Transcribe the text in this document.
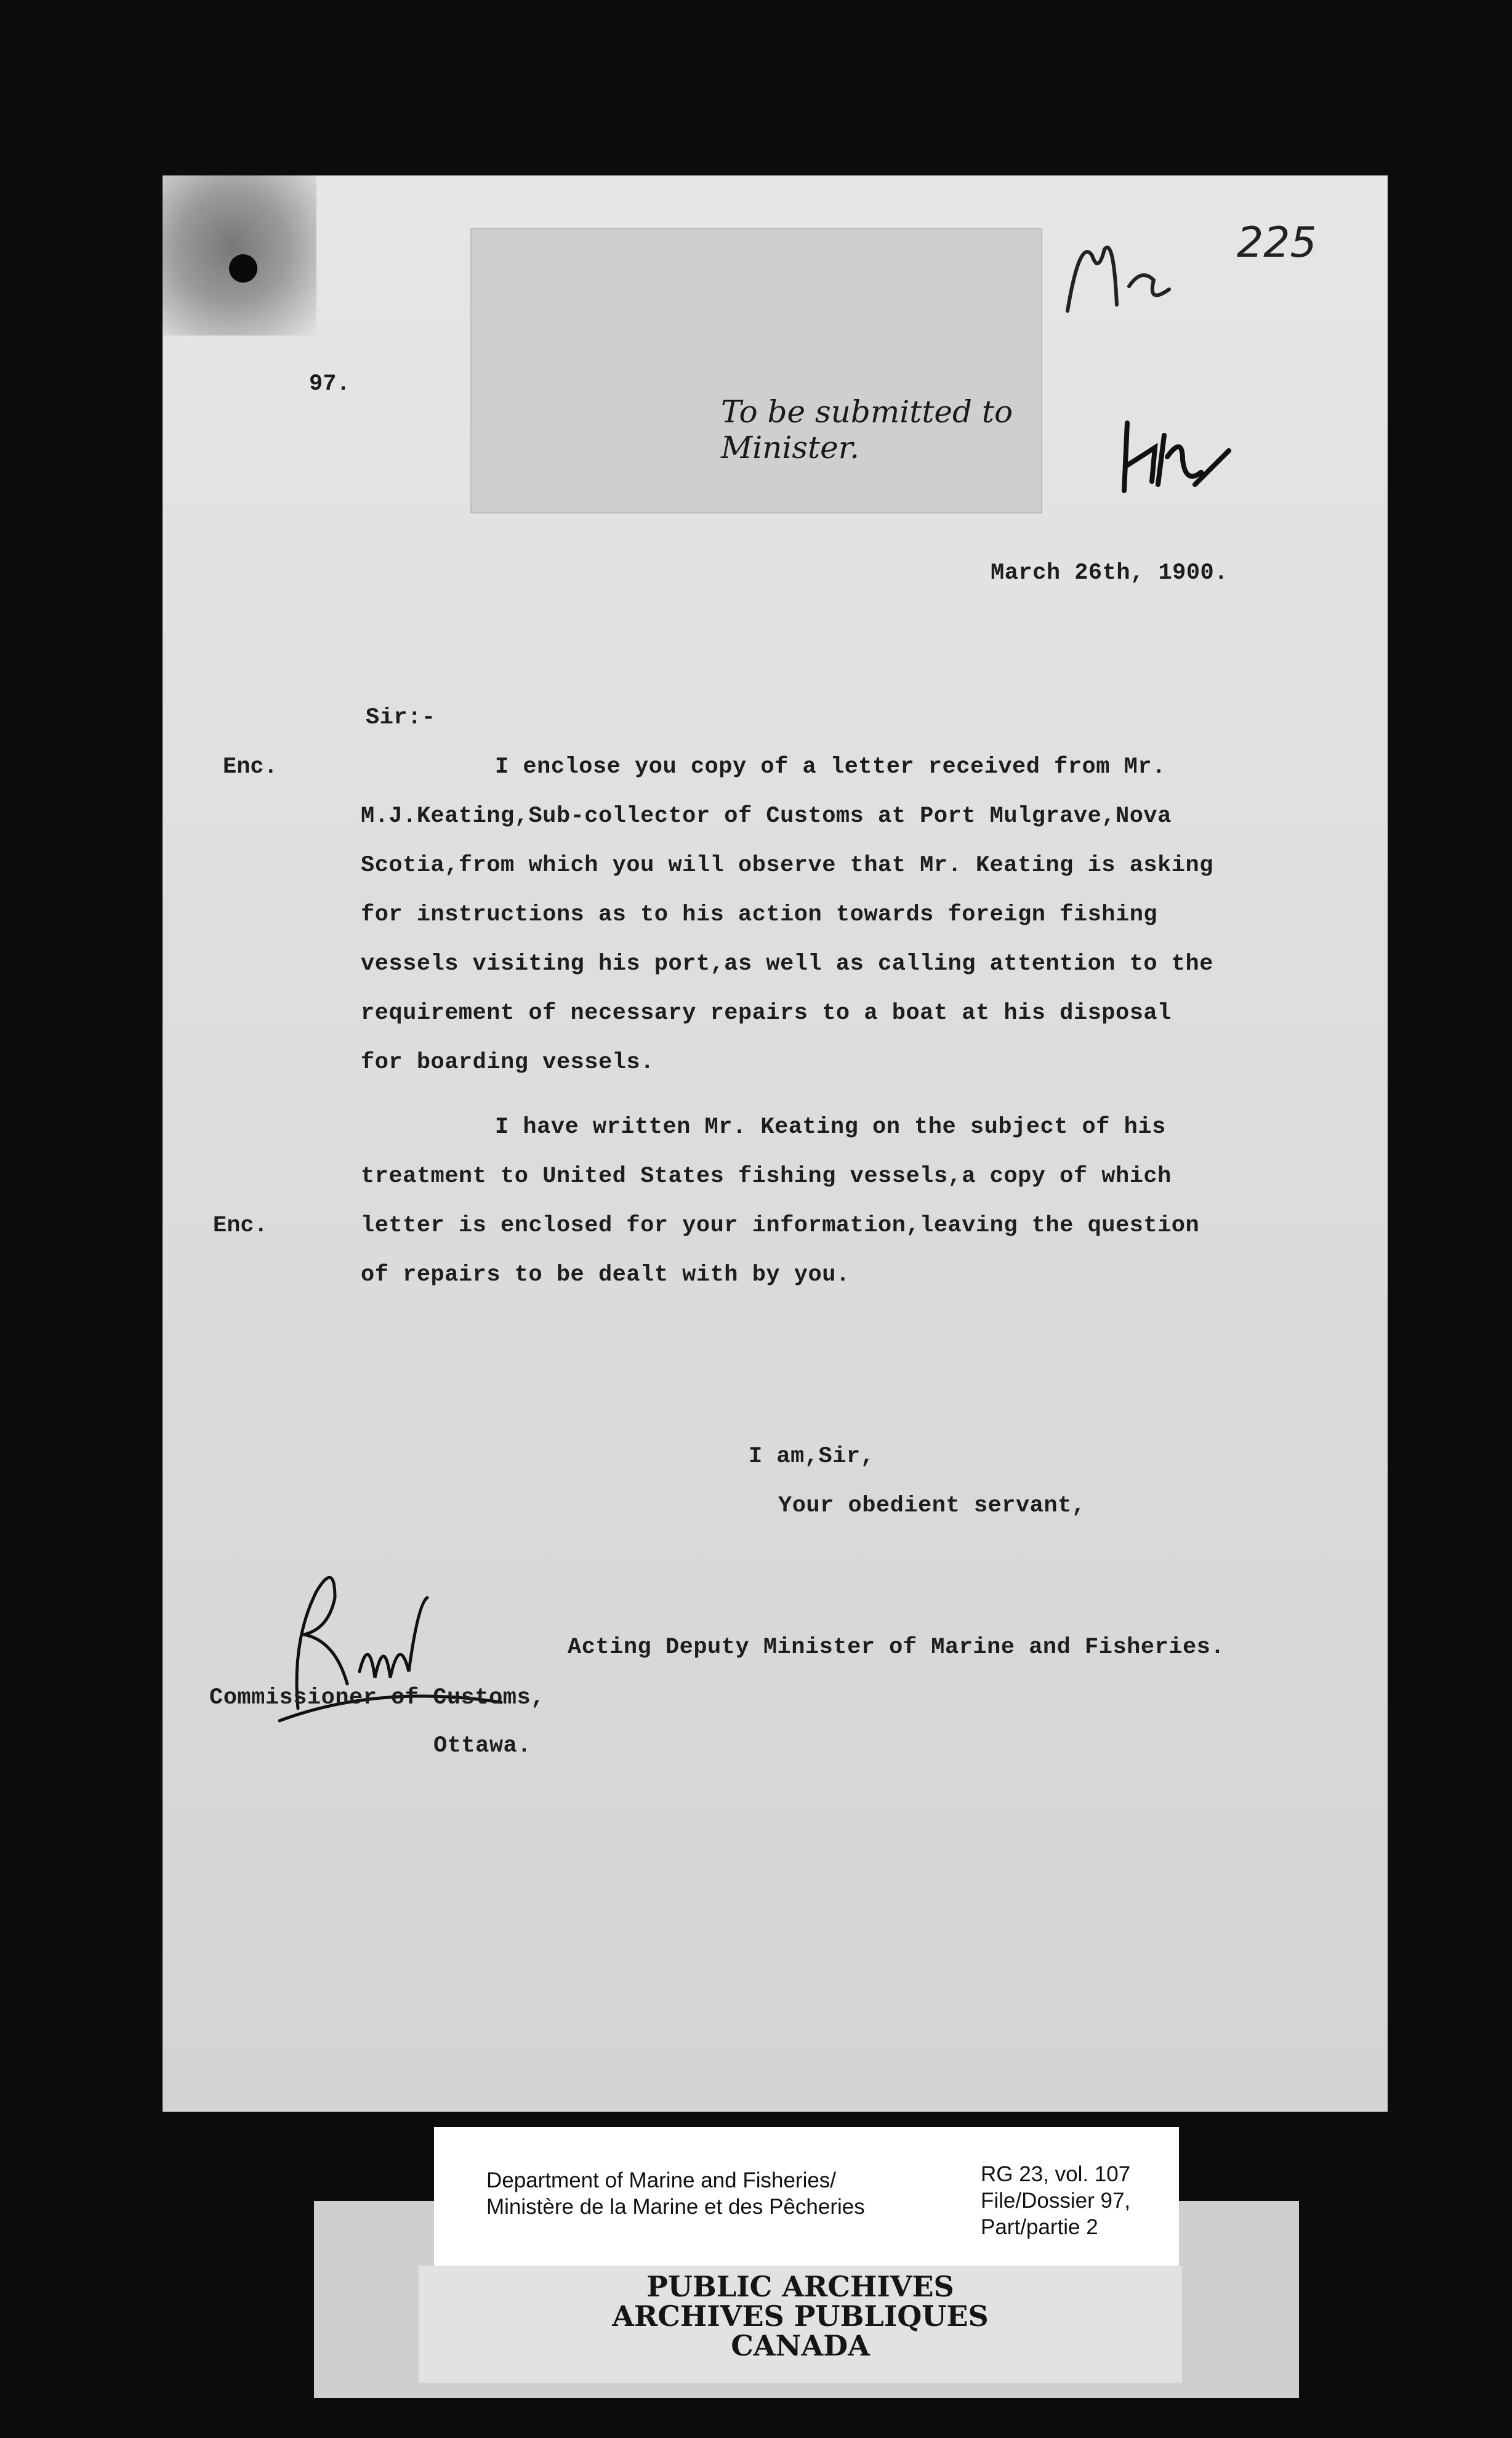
To be submitted to Minister.
225
97.
March 26th, 1900.
Sir:-
Enc.
Enc.
I enclose you copy of a letter received from Mr.
M.J.Keating,Sub-collector of Customs at Port Mulgrave,Nova
Scotia,from which you will observe that Mr. Keating is asking
for instructions as to his action towards foreign fishing
vessels visiting his port,as well as calling attention to the
requirement of necessary repairs to a boat at his disposal
for boarding vessels.
I have written Mr. Keating on the subject of his
treatment to United States fishing vessels,a copy of which
letter is enclosed for your information,leaving the question
of repairs to be dealt with by you.
I am,Sir,
Your obedient servant,
Acting Deputy Minister of Marine and Fisheries.
Commissioner of Customs,
Ottawa.
Department of Marine and Fisheries/
Ministère de la Marine et des Pêcheries
RG 23, vol. 107
File/Dossier 97,
Part/partie 2
PUBLIC ARCHIVES
ARCHIVES PUBLIQUES
CANADA
